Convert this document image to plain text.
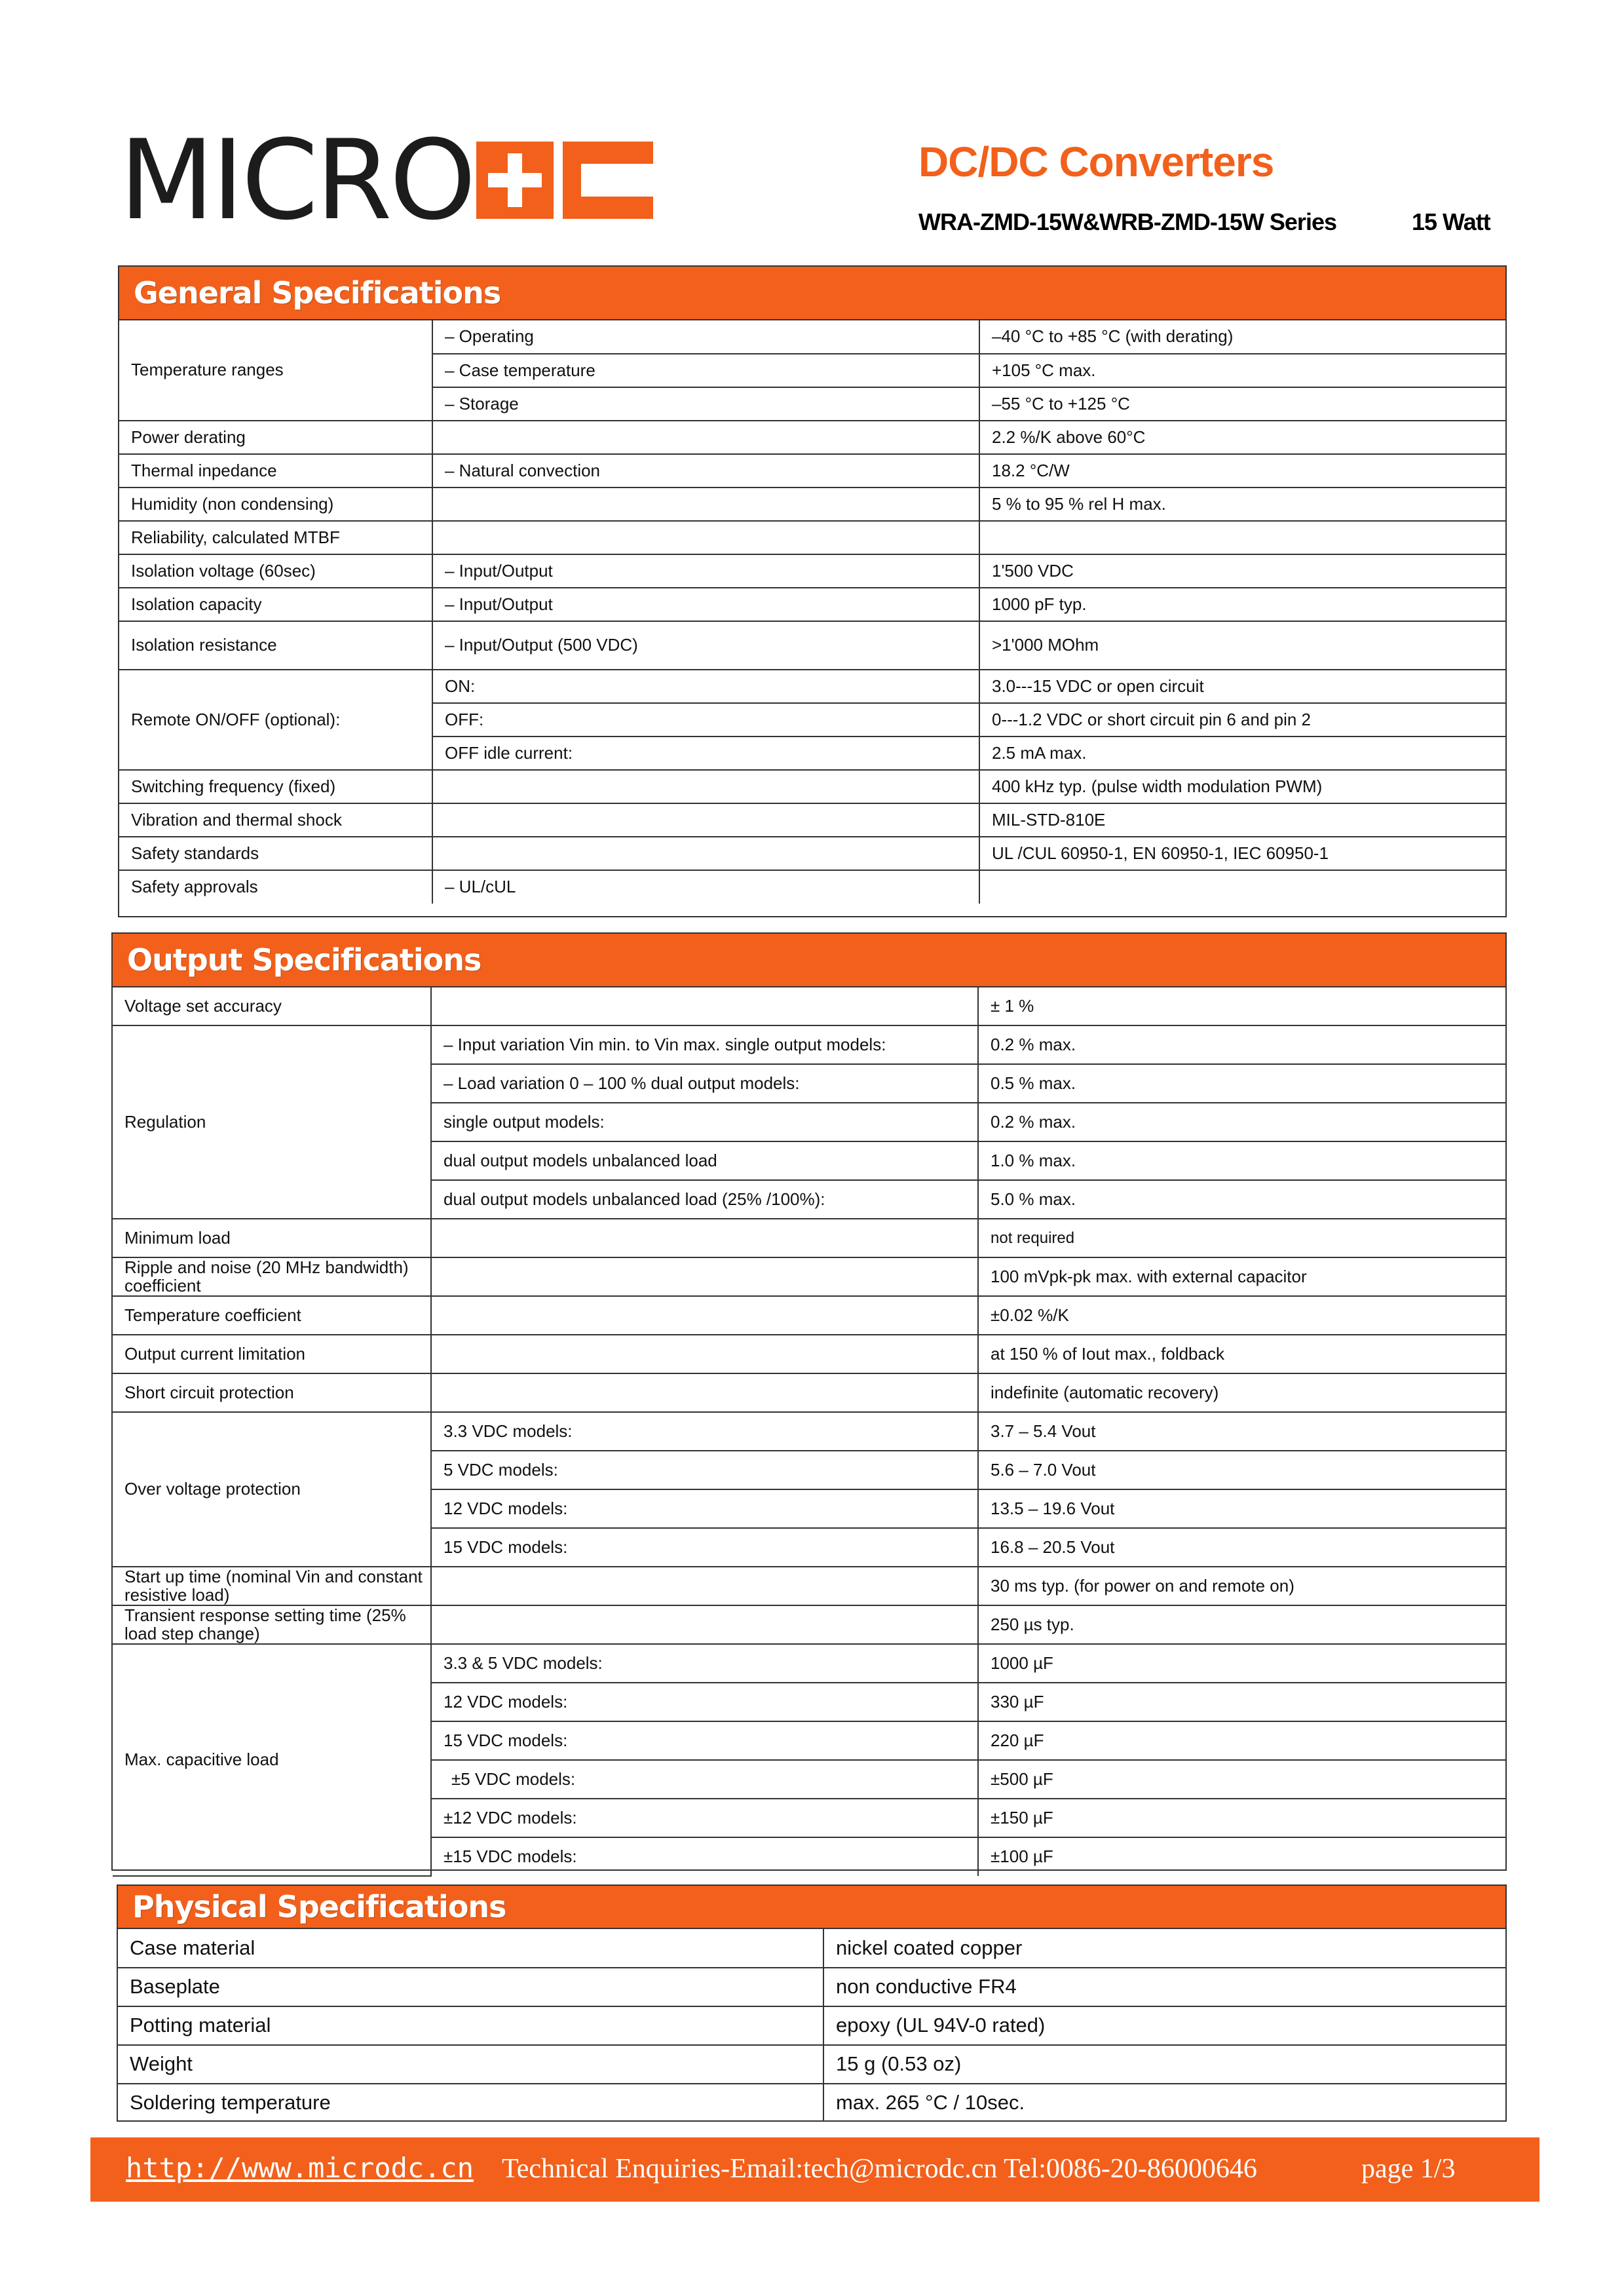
MICRO	DC/DC Converters
WRA-ZMD-15W&WRB-ZMD-15W Series	15 Watt
General Specifications
Temperature ranges	– Operating	–40 °C to +85 °C (with derating)
	– Case temperature	+105 °C max.
	– Storage	–55 °C to +125 °C
Power derating		2.2 %/K above 60°C
Thermal inpedance	– Natural convection	18.2 °C/W
Humidity (non condensing)		5 % to 95 % rel H max.
Reliability, calculated MTBF		
Isolation voltage (60sec)	– Input/Output	1'500 VDC
Isolation capacity	– Input/Output	1000 pF typ.
Isolation resistance	– Input/Output (500 VDC)	>1'000 MOhm
Remote ON/OFF (optional):	ON:	3.0---15 VDC or open circuit
	OFF:	0---1.2 VDC or short circuit pin 6 and pin 2
	OFF idle current:	2.5 mA max.
Switching frequency (fixed)		400 kHz typ. (pulse width modulation PWM)
Vibration and thermal shock		MIL-STD-810E
Safety standards		UL /CUL 60950-1, EN 60950-1, IEC 60950-1
Safety approvals	– UL/cUL	
Output Specifications
Voltage set accuracy		± 1 %
Regulation	– Input variation Vin min. to Vin max. single output models:	0.2 % max.
	– Load variation 0 – 100 % dual output models:	0.5 % max.
	single output models:	0.2 % max.
	dual output models unbalanced load	1.0 % max.
	dual output models unbalanced load (25% /100%):	5.0 % max.
Minimum load		not required
Ripple and noise (20 MHz bandwidth) coefficient		100 mVpk-pk max. with external capacitor
Temperature coefficient		±0.02 %/K
Output current limitation		at 150 % of Iout max., foldback
Short circuit protection		indefinite (automatic recovery)
Over voltage protection	3.3 VDC models:	3.7 – 5.4 Vout
	5 VDC models:	5.6 – 7.0 Vout
	12 VDC models:	13.5 – 19.6 Vout
	15 VDC models:	16.8 – 20.5 Vout
Start up time (nominal Vin and constant resistive load)		30 ms typ. (for power on and remote on)
Transient response setting time (25% load step change)		250 µs typ.
Max. capacitive load	3.3 & 5 VDC models:	1000 µF
	12 VDC models:	330 µF
	15 VDC models:	220 µF
	±5 VDC models:	±500 µF
	±12 VDC models:	±150 µF
	±15 VDC models:	±100 µF
Physical Specifications
Case material	nickel coated copper
Baseplate	non conductive FR4
Potting material	epoxy (UL 94V-0 rated)
Weight	15 g (0.53 oz)
Soldering temperature	max. 265 °C / 10sec.
http://www.microdc.cn Technical Enquiries-Email:tech@microdc.cn Tel:0086-20-86000646	page 1/3
